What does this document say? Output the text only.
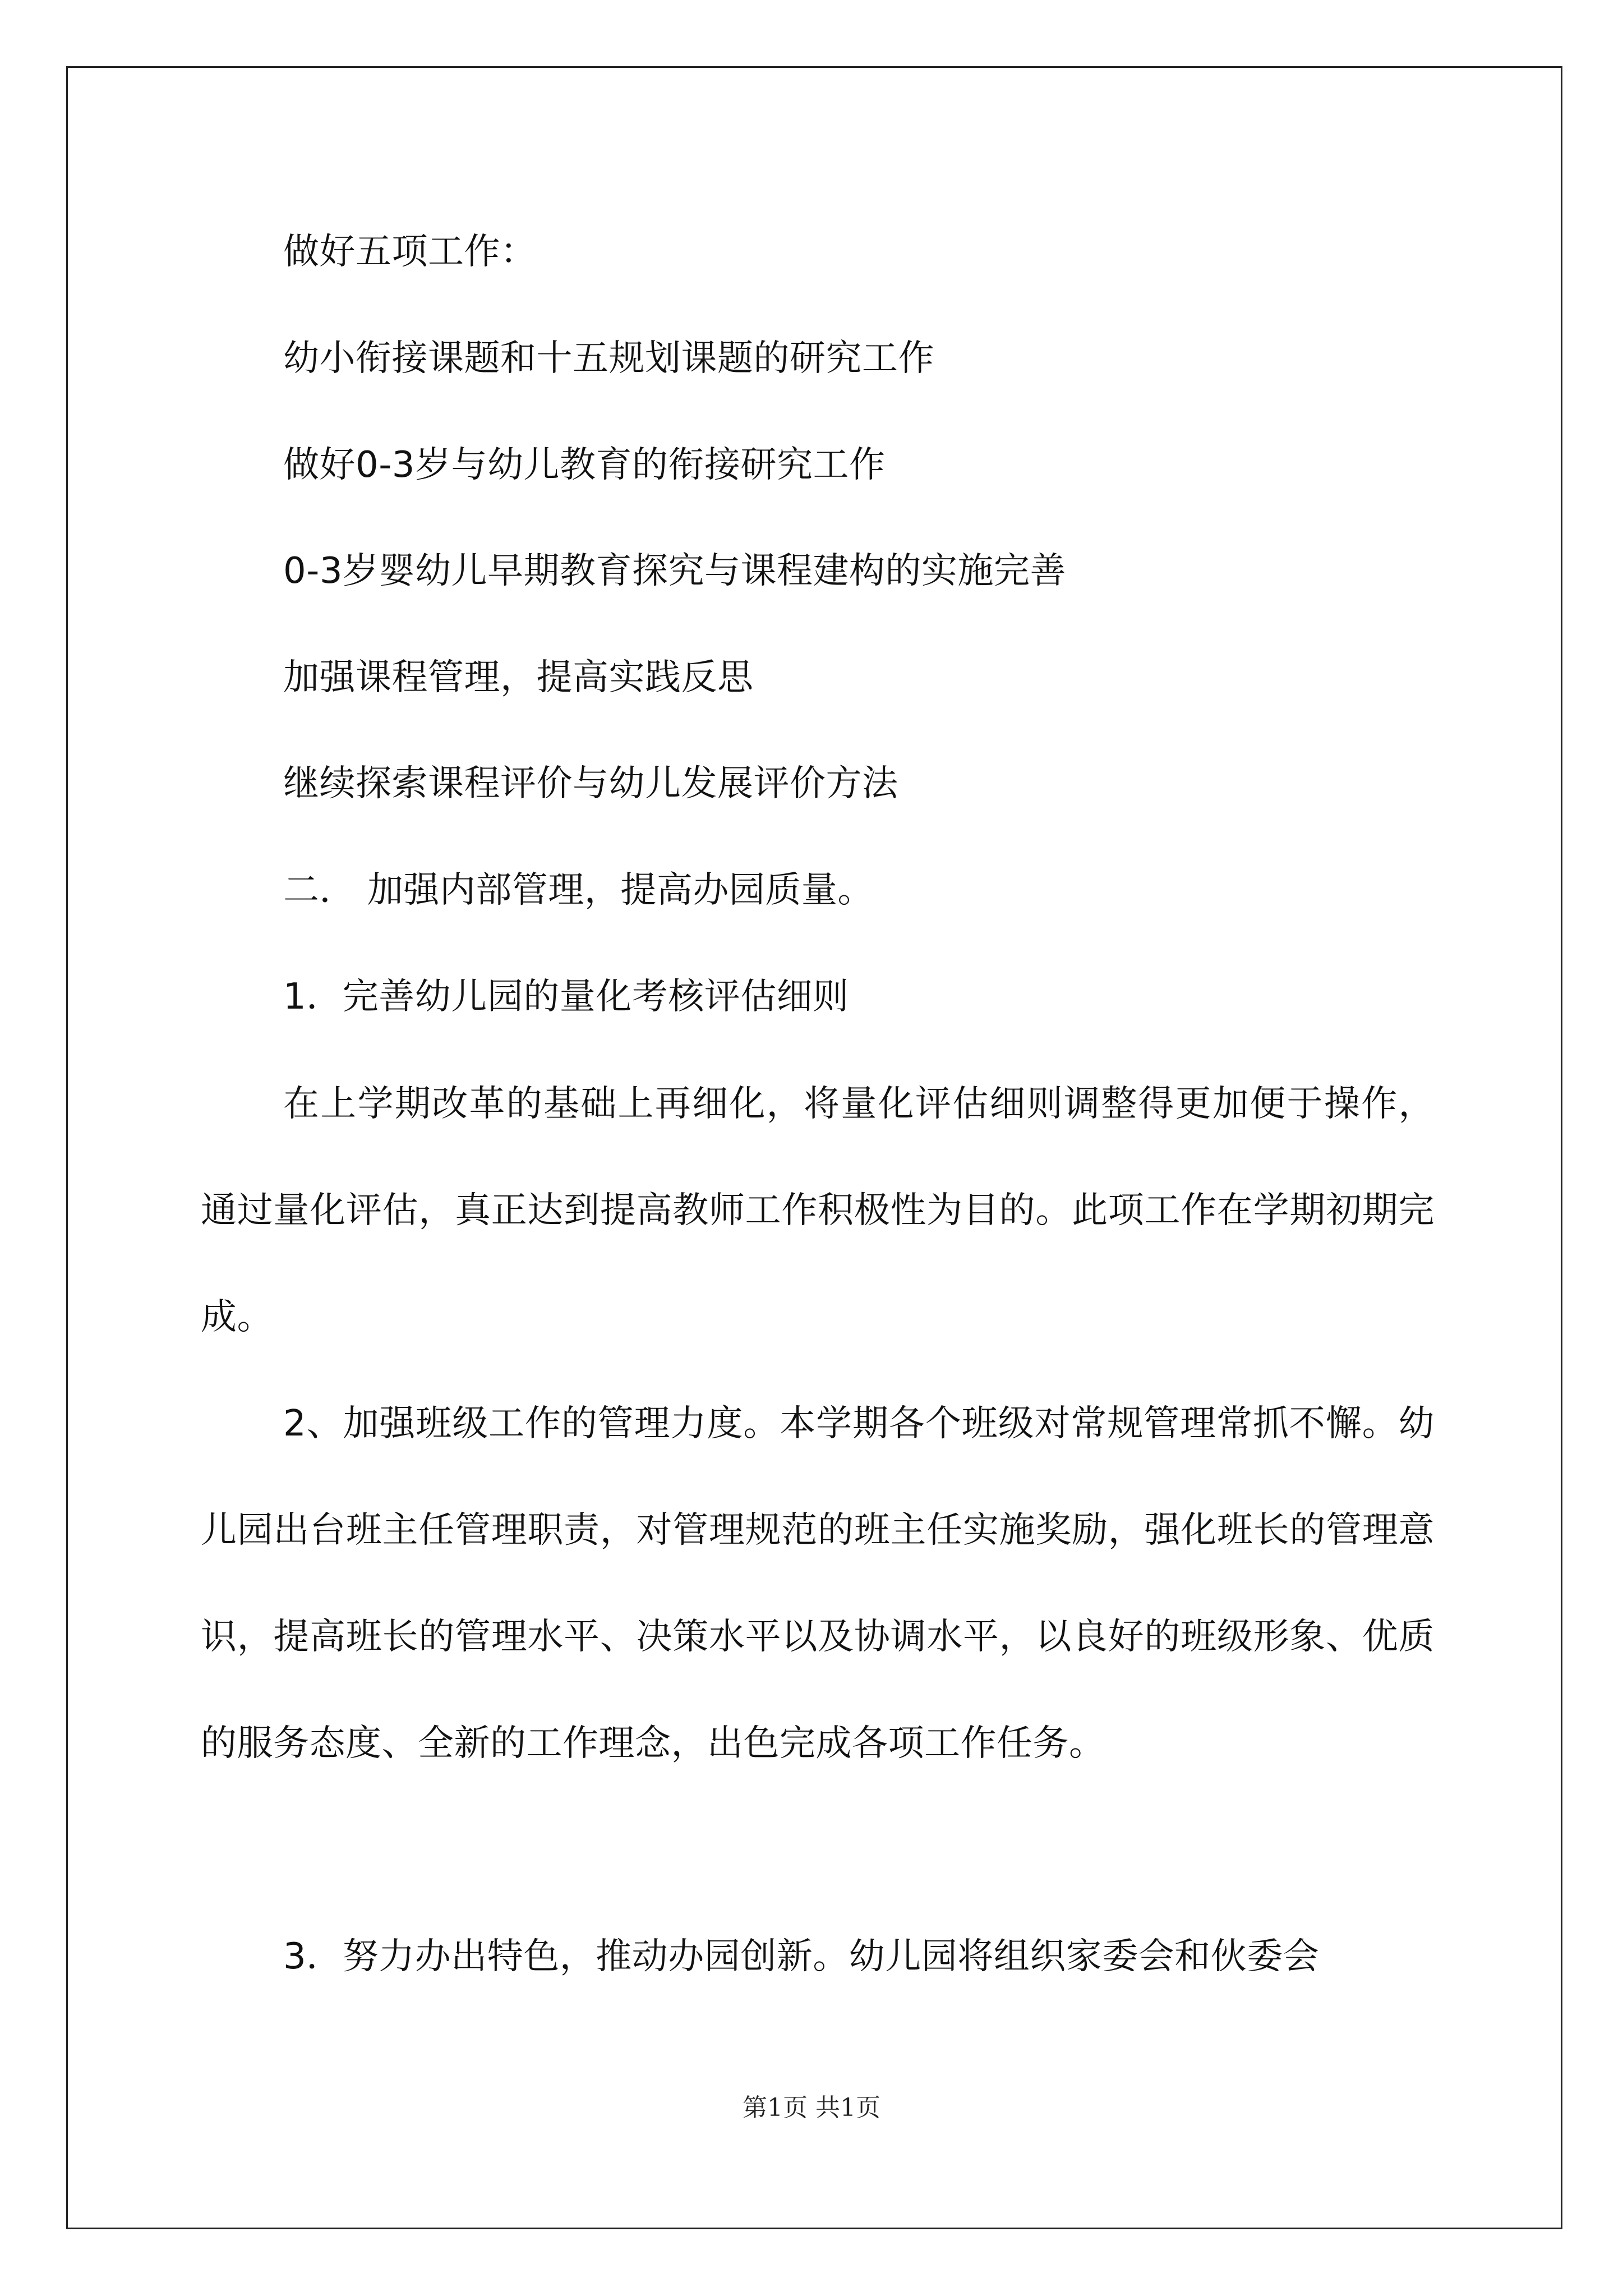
做好五项工作：
幼小衔接课题和十五规划课题的研究工作
做好0-3岁与幼儿教育的衔接研究工作
0-3岁婴幼儿早期教育探究与课程建构的实施完善
加强课程管理，提高实践反思
继续探索课程评价与幼儿发展评价方法
二． 加强内部管理，提高办园质量。
1．完善幼儿园的量化考核评估细则

在上学期改革的基础上再细化，将量化评估细则调整得更加便于操作，通过量化评估，真正达到提高教师工作积极性为目的。此项工作在学期初期完成。

2、加强班级工作的管理力度。本学期各个班级对常规管理常抓不懈。幼儿园出台班主任管理职责，对管理规范的班主任实施奖励，强化班长的管理意识，提高班长的管理水平、决策水平以及协调水平，以良好的班级形象、优质的服务态度、全新的工作理念，出色完成各项工作任务。

3．努力办出特色，推动办园创新。幼儿园将组织家委会和伙委会

第1页 共1页
